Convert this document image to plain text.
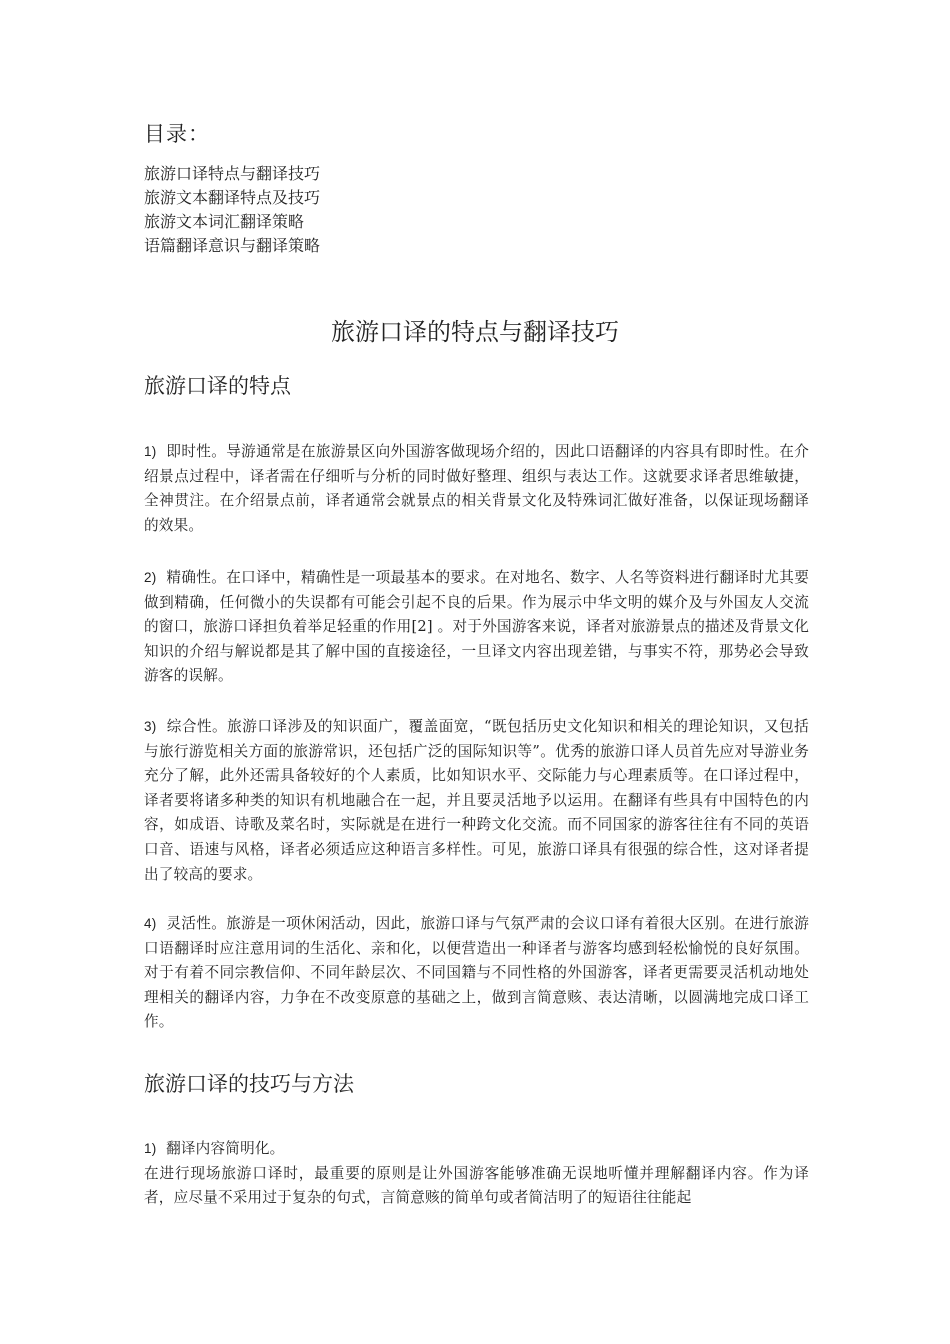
目录：
旅游口译特点与翻译技巧
旅游文本翻译特点及技巧
旅游文本词汇翻译策略
语篇翻译意识与翻译策略
旅游口译的特点与翻译技巧
旅游口译的特点

1) 即时性。导游通常是在旅游景区向外国游客做现场介绍的，因此口语翻译的内容具有即时性。在介绍景点过程中，译者需在仔细听与分析的同时做好整理、组织与表达工作。这就要求译者思维敏捷，全神贯注。在介绍景点前，译者通常会就景点的相关背景文化及特殊词汇做好准备，以保证现场翻译的效果。

2) 精确性。在口译中，精确性是一项最基本的要求。在对地名、数字、人名等资料进行翻译时尤其要做到精确，任何微小的失误都有可能会引起不良的后果。作为展示中华文明的媒介及与外国友人交流的窗口，旅游口译担负着举足轻重的作用[2] 。对于外国游客来说，译者对旅游景点的描述及背景文化知识的介绍与解说都是其了解中国的直接途径，一旦译文内容出现差错，与事实不符，那势必会导致游客的误解。

3) 综合性。旅游口译涉及的知识面广，覆盖面宽，“既包括历史文化知识和相关的理论知识，又包括与旅行游览相关方面的旅游常识，还包括广泛的国际知识等”。优秀的旅游口译人员首先应对导游业务充分了解，此外还需具备较好的个人素质，比如知识水平、交际能力与心理素质等。在口译过程中，译者要将诸多种类的知识有机地融合在一起，并且要灵活地予以运用。在翻译有些具有中国特色的内容，如成语、诗歌及菜名时，实际就是在进行一种跨文化交流。而不同国家的游客往往有不同的英语口音、语速与风格，译者必须适应这种语言多样性。可见，旅游口译具有很强的综合性，这对译者提出了较高的要求。

4) 灵活性。旅游是一项休闲活动，因此，旅游口译与气氛严肃的会议口译有着很大区别。在进行旅游口语翻译时应注意用词的生活化、亲和化，以便营造出一种译者与游客均感到轻松愉悦的良好氛围。对于有着不同宗教信仰、不同年龄层次、不同国籍与不同性格的外国游客，译者更需要灵活机动地处理相关的翻译内容，力争在不改变原意的基础之上，做到言简意赅、表达清晰，以圆满地完成口译工作。

旅游口译的技巧与方法

1) 翻译内容简明化。
在进行现场旅游口译时，最重要的原则是让外国游客能够准确无误地听懂并理解翻译内容。作为译者，应尽量不采用过于复杂的句式，言简意赅的简单句或者简洁明了的短语往往能起
